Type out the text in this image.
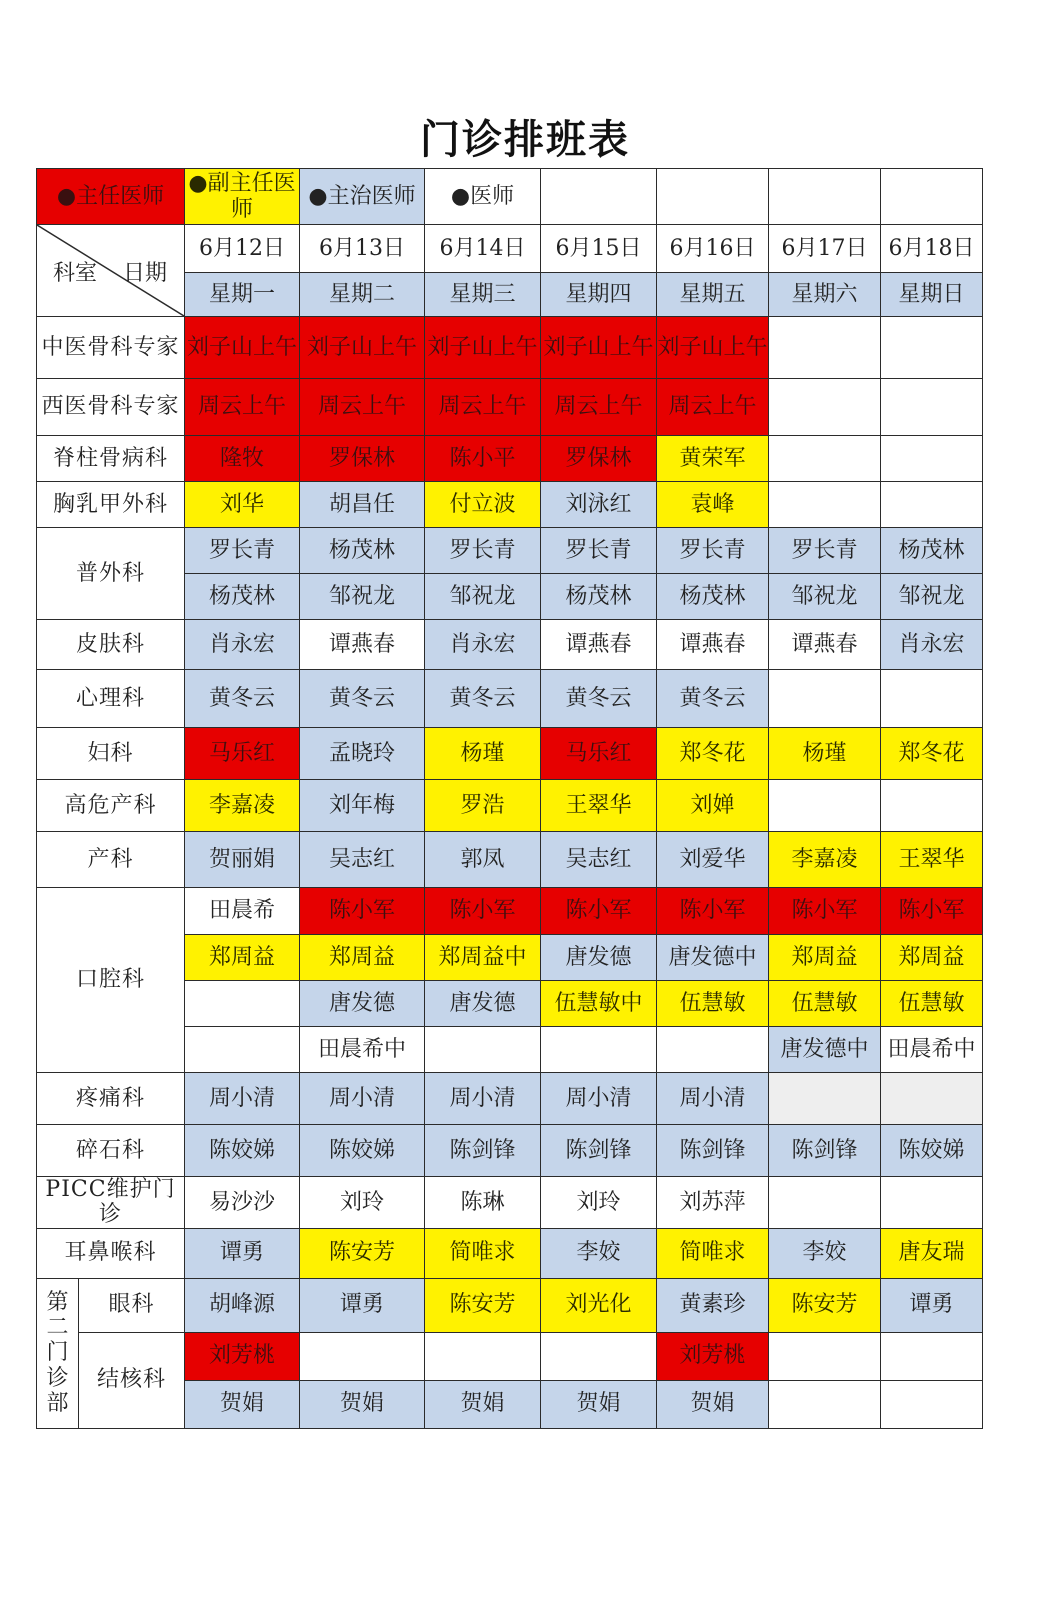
门诊排班表
●主任医师		●副主任医师	●主治医师	●医师				

科室 日期		6月12日	6月13日	6月14日	6月15日	6月16日	6月17日	6月18日
		星期一	星期二	星期三	星期四	星期五	星期六	星期日
中医骨科专家		刘子山上午	刘子山上午	刘子山上午	刘子山上午	刘子山上午		
西医骨科专家		周云上午	周云上午	周云上午	周云上午	周云上午		
脊柱骨病科		隆牧	罗保林	陈小平	罗保林	黄荣军		
胸乳甲外科		刘华	胡昌任	付立波	刘泳红	袁峰		
普外科		罗长青	杨茂林	罗长青	罗长青	罗长青	罗长青	杨茂林
		杨茂林	邹祝龙	邹祝龙	杨茂林	杨茂林	邹祝龙	邹祝龙
皮肤科		肖永宏	谭燕春	肖永宏	谭燕春	谭燕春	谭燕春	肖永宏
心理科		黄冬云	黄冬云	黄冬云	黄冬云	黄冬云		
妇科		马乐红	孟晓玲	杨瑾	马乐红	郑冬花	杨瑾	郑冬花
高危产科		李嘉凌	刘年梅	罗浩	王翠华	刘婵		
产科		贺丽娟	吴志红	郭凤	吴志红	刘爱华	李嘉凌	王翠华
口腔科		田晨希	陈小军	陈小军	陈小军	陈小军	陈小军	陈小军
		郑周益	郑周益	郑周益中	唐发德	唐发德中	郑周益	郑周益
			唐发德	唐发德	伍慧敏中	伍慧敏	伍慧敏	伍慧敏
			田晨希中				唐发德中	田晨希中
疼痛科		周小清	周小清	周小清	周小清	周小清		
碎石科		陈姣娣	陈姣娣	陈剑锋	陈剑锋	陈剑锋	陈剑锋	陈姣娣
PICC维护门诊		易沙沙	刘玲	陈琳	刘玲	刘苏萍		
耳鼻喉科		谭勇	陈安芳	简唯求	李姣	简唯求	李姣	唐友瑞
第二门诊部	眼科	胡峰源	谭勇	陈安芳	刘光化	黄素珍	陈安芳	谭勇
	结核科	刘芳桃				刘芳桃		
		贺娟	贺娟	贺娟	贺娟	贺娟		
